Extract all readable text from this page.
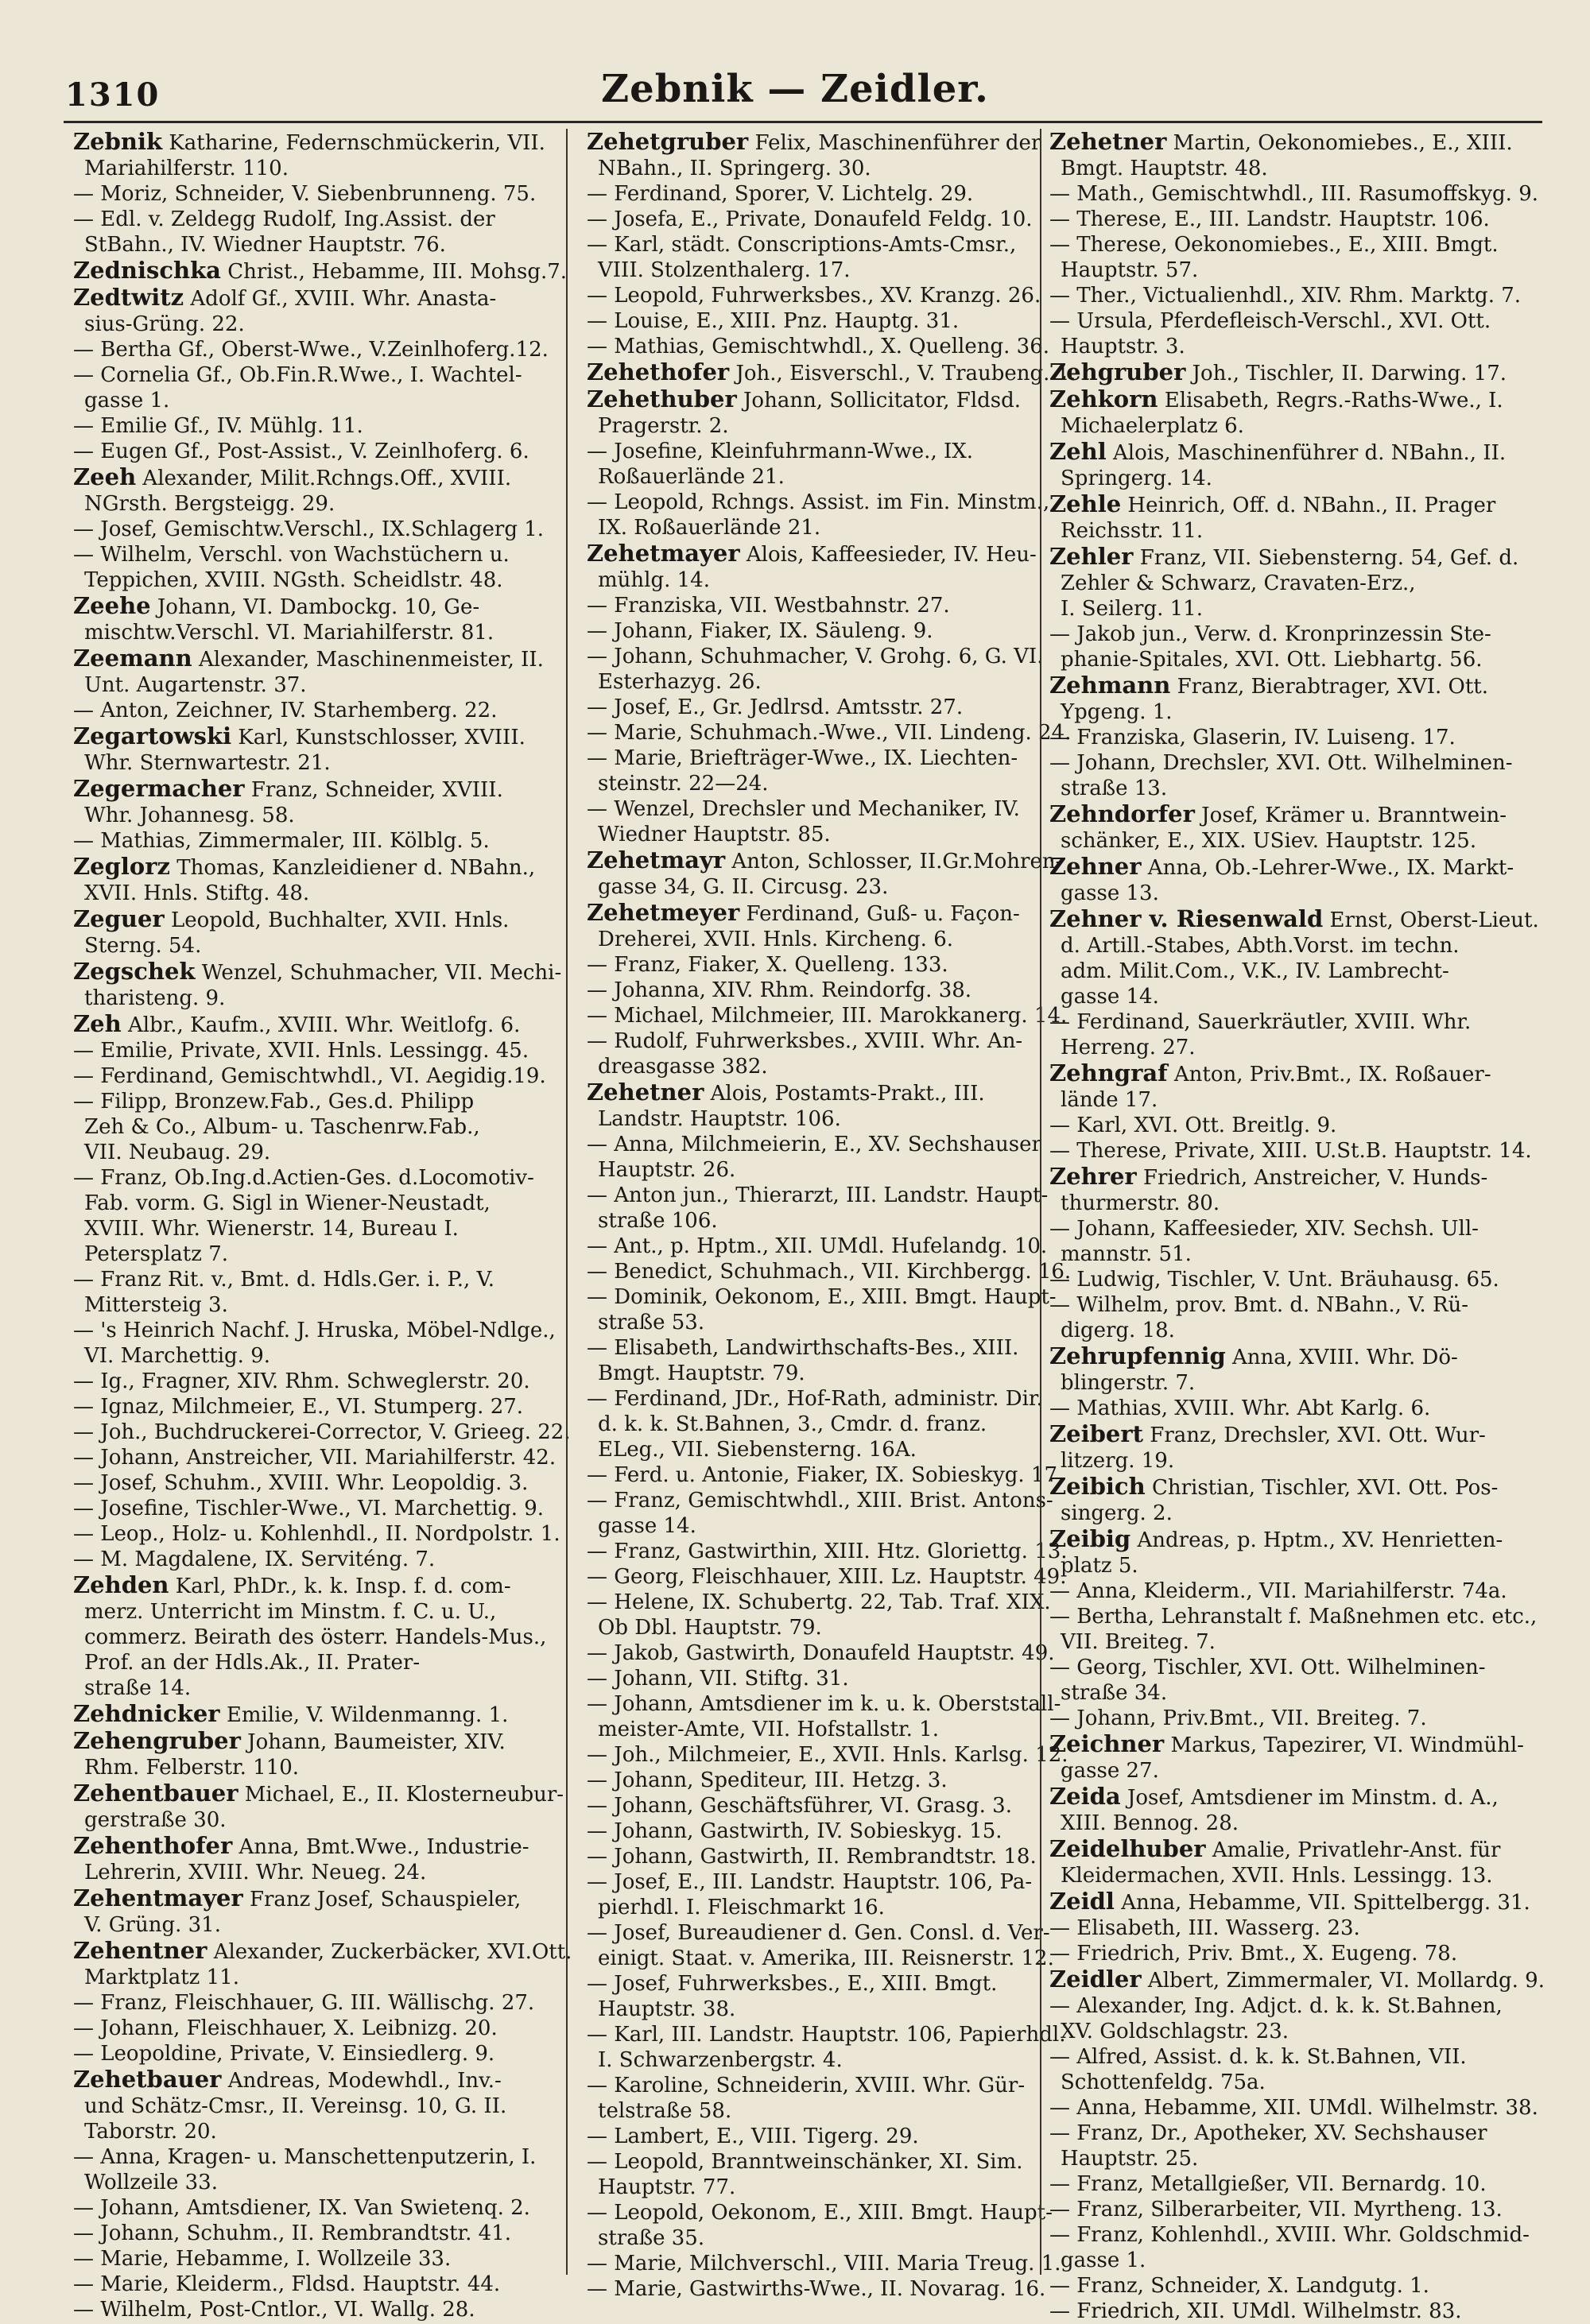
1310	Zebnik — Zeidler.
Zebnik Katharine, Federnschmückerin, VII.
Mariahilferstr. 110.
— Moriz, Schneider, V. Siebenbrunneng. 75.
— Edl. v. Zeldegg Rudolf, Ing.Assist. der
StBahn., IV. Wiedner Hauptstr. 76.
Zednischka Christ., Hebamme, III. Mohsg.7.
Zedtwitz Adolf Gf., XVIII. Whr. Anasta-
sius-Grüng. 22.
— Bertha Gf., Oberst-Wwe., V.Zeinlhoferg.12.
— Cornelia Gf., Ob.Fin.R.Wwe., I. Wachtel-
gasse 1.
— Emilie Gf., IV. Mühlg. 11.
— Eugen Gf., Post-Assist., V. Zeinlhoferg. 6.
Zeeh Alexander, Milit.Rchngs.Off., XVIII.
NGrsth. Bergsteigg. 29.
— Josef, Gemischtw.Verschl., IX.Schlagerg 1.
— Wilhelm, Verschl. von Wachstüchern u.
Teppichen, XVIII. NGsth. Scheidlstr. 48.
Zeehe Johann, VI. Dambockg. 10, Ge-
mischtw.Verschl. VI. Mariahilferstr. 81.
Zeemann Alexander, Maschinenmeister, II.
Unt. Augartenstr. 37.
— Anton, Zeichner, IV. Starhemberg. 22.
Zegartowski Karl, Kunstschlosser, XVIII.
Whr. Sternwartestr. 21.
Zegermacher Franz, Schneider, XVIII.
Whr. Johannesg. 58.
— Mathias, Zimmermaler, III. Kölblg. 5.
Zeglorz Thomas, Kanzleidiener d. NBahn.,
XVII. Hnls. Stiftg. 48.
Zeguer Leopold, Buchhalter, XVII. Hnls.
Sterng. 54.
Zegschek Wenzel, Schuhmacher, VII. Mechi-
tharisteng. 9.
Zeh Albr., Kaufm., XVIII. Whr. Weitlofg. 6.
— Emilie, Private, XVII. Hnls. Lessingg. 45.
— Ferdinand, Gemischtwhdl., VI. Aegidig.19.
— Filipp, Bronzew.Fab., Ges.d. Philipp
Zeh & Co., Album- u. Taschenrw.Fab.,
VII. Neubaug. 29.
— Franz, Ob.Ing.d.Actien-Ges. d.Locomotiv-
Fab. vorm. G. Sigl in Wiener-Neustadt,
XVIII. Whr. Wienerstr. 14, Bureau I.
Petersplatz 7.
— Franz Rit. v., Bmt. d. Hdls.Ger. i. P., V.
Mittersteig 3.
— 's Heinrich Nachf. J. Hruska, Möbel-Ndlge.,
VI. Marchettig. 9.
— Ig., Fragner, XIV. Rhm. Schweglerstr. 20.
— Ignaz, Milchmeier, E., VI. Stumperg. 27.
— Joh., Buchdruckerei-Corrector, V. Grieeg. 22.
— Johann, Anstreicher, VII. Mariahilferstr. 42.
— Josef, Schuhm., XVIII. Whr. Leopoldig. 3.
— Josefine, Tischler-Wwe., VI. Marchettig. 9.
— Leop., Holz- u. Kohlenhdl., II. Nordpolstr. 1.
— M. Magdalene, IX. Serviténg. 7.
Zehden Karl, PhDr., k. k. Insp. f. d. com-
merz. Unterricht im Minstm. f. C. u. U.,
commerz. Beirath des österr. Handels-Mus.,
Prof. an der Hdls.Ak., II. Prater-
straße 14.
Zehdnicker Emilie, V. Wildenmanng. 1.
Zehengruber Johann, Baumeister, XIV.
Rhm. Felberstr. 110.
Zehentbauer Michael, E., II. Klosterneubur-
gerstraße 30.
Zehenthofer Anna, Bmt.Wwe., Industrie-
Lehrerin, XVIII. Whr. Neueg. 24.
Zehentmayer Franz Josef, Schauspieler,
V. Grüng. 31.
Zehentner Alexander, Zuckerbäcker, XVI.Ott.
Marktplatz 11.
— Franz, Fleischhauer, G. III. Wällischg. 27.
— Johann, Fleischhauer, X. Leibnizg. 20.
— Leopoldine, Private, V. Einsiedlerg. 9.
Zehetbauer Andreas, Modewhdl., Inv.-
und Schätz-Cmsr., II. Vereinsg. 10, G. II.
Taborstr. 20.
— Anna, Kragen- u. Manschettenputzerin, I.
Wollzeile 33.
— Johann, Amtsdiener, IX. Van Swietenq. 2.
— Johann, Schuhm., II. Rembrandtstr. 41.
— Marie, Hebamme, I. Wollzeile 33.
— Marie, Kleiderm., Fldsd. Hauptstr. 44.
— Wilhelm, Post-Cntlor., VI. Wallg. 28.
Zehetgruber Felix, Maschinenführer der
NBahn., II. Springerg. 30.
— Ferdinand, Sporer, V. Lichtelg. 29.
— Josefa, E., Private, Donaufeld Feldg. 10.
— Karl, städt. Conscriptions-Amts-Cmsr.,
VIII. Stolzenthalerg. 17.
— Leopold, Fuhrwerksbes., XV. Kranzg. 26.
— Louise, E., XIII. Pnz. Hauptg. 31.
— Mathias, Gemischtwhdl., X. Quelleng. 36.
Zehethofer Joh., Eisverschl., V. Traubeng. 1.
Zehethuber Johann, Sollicitator, Fldsd.
Pragerstr. 2.
— Josefine, Kleinfuhrmann-Wwe., IX.
Roßauerlände 21.
— Leopold, Rchngs. Assist. im Fin. Minstm.,
IX. Roßauerlände 21.
Zehetmayer Alois, Kaffeesieder, IV. Heu-
mühlg. 14.
— Franziska, VII. Westbahnstr. 27.
— Johann, Fiaker, IX. Säuleng. 9.
— Johann, Schuhmacher, V. Grohg. 6, G. VI.
Esterhazyg. 26.
— Josef, E., Gr. Jedlrsd. Amtsstr. 27.
— Marie, Schuhmach.-Wwe., VII. Lindeng. 24.
— Marie, Briefträger-Wwe., IX. Liechten-
steinstr. 22—24.
— Wenzel, Drechsler und Mechaniker, IV.
Wiedner Hauptstr. 85.
Zehetmayr Anton, Schlosser, II.Gr.Mohren-
gasse 34, G. II. Circusg. 23.
Zehetmeyer Ferdinand, Guß- u. Façon-
Dreherei, XVII. Hnls. Kircheng. 6.
— Franz, Fiaker, X. Quelleng. 133.
— Johanna, XIV. Rhm. Reindorfg. 38.
— Michael, Milchmeier, III. Marokkanerg. 14.
— Rudolf, Fuhrwerksbes., XVIII. Whr. An-
dreasgasse 382.
Zehetner Alois, Postamts-Prakt., III.
Landstr. Hauptstr. 106.
— Anna, Milchmeierin, E., XV. Sechshauser
Hauptstr. 26.
— Anton jun., Thierarzt, III. Landstr. Haupt-
straße 106.
— Ant., p. Hptm., XII. UMdl. Hufelandg. 10.
— Benedict, Schuhmach., VII. Kirchbergg. 16.
— Dominik, Oekonom, E., XIII. Bmgt. Haupt-
straße 53.
— Elisabeth, Landwirthschafts-Bes., XIII.
Bmgt. Hauptstr. 79.
— Ferdinand, JDr., Hof-Rath, administr. Dir.
d. k. k. St.Bahnen, 3., Cmdr. d. franz.
ELeg., VII. Siebensterng. 16A.
— Ferd. u. Antonie, Fiaker, IX. Sobieskyg. 17.
— Franz, Gemischtwhdl., XIII. Brist. Antons-
gasse 14.
— Franz, Gastwirthin, XIII. Htz. Gloriettg. 13.
— Georg, Fleischhauer, XIII. Lz. Hauptstr. 49.
— Helene, IX. Schubertg. 22, Tab. Traf. XIX.
Ob Dbl. Hauptstr. 79.
— Jakob, Gastwirth, Donaufeld Hauptstr. 49.
— Johann, VII. Stiftg. 31.
— Johann, Amtsdiener im k. u. k. Oberststall-
meister-Amte, VII. Hofstallstr. 1.
— Joh., Milchmeier, E., XVII. Hnls. Karlsg. 12.
— Johann, Spediteur, III. Hetzg. 3.
— Johann, Geschäftsführer, VI. Grasg. 3.
— Johann, Gastwirth, IV. Sobieskyg. 15.
— Johann, Gastwirth, II. Rembrandtstr. 18.
— Josef, E., III. Landstr. Hauptstr. 106, Pa-
pierhdl. I. Fleischmarkt 16.
— Josef, Bureaudiener d. Gen. Consl. d. Ver-
einigt. Staat. v. Amerika, III. Reisnerstr. 12.
— Josef, Fuhrwerksbes., E., XIII. Bmgt.
Hauptstr. 38.
— Karl, III. Landstr. Hauptstr. 106, Papierhdl.
I. Schwarzenbergstr. 4.
— Karoline, Schneiderin, XVIII. Whr. Gür-
telstraße 58.
— Lambert, E., VIII. Tigerg. 29.
— Leopold, Branntweinschänker, XI. Sim.
Hauptstr. 77.
— Leopold, Oekonom, E., XIII. Bmgt. Haupt-
straße 35.
— Marie, Milchverschl., VIII. Maria Treug. 1.
— Marie, Gastwirths-Wwe., II. Novarag. 16.
Zehetner Martin, Oekonomiebes., E., XIII.
Bmgt. Hauptstr. 48.
— Math., Gemischtwhdl., III. Rasumoffskyg. 9.
— Therese, E., III. Landstr. Hauptstr. 106.
— Therese, Oekonomiebes., E., XIII. Bmgt.
Hauptstr. 57.
— Ther., Victualienhdl., XIV. Rhm. Marktg. 7.
— Ursula, Pferdefleisch-Verschl., XVI. Ott.
Hauptstr. 3.
Zehgruber Joh., Tischler, II. Darwing. 17.
Zehkorn Elisabeth, Regrs.-Raths-Wwe., I.
Michaelerplatz 6.
Zehl Alois, Maschinenführer d. NBahn., II.
Springerg. 14.
Zehle Heinrich, Off. d. NBahn., II. Prager
Reichsstr. 11.
Zehler Franz, VII. Siebensterng. 54, Gef. d.
Zehler & Schwarz, Cravaten-Erz.,
I. Seilerg. 11.
— Jakob jun., Verw. d. Kronprinzessin Ste-
phanie-Spitales, XVI. Ott. Liebhartg. 56.
Zehmann Franz, Bierabtrager, XVI. Ott.
Ypgeng. 1.
— Franziska, Glaserin, IV. Luiseng. 17.
— Johann, Drechsler, XVI. Ott. Wilhelminen-
straße 13.
Zehndorfer Josef, Krämer u. Branntwein-
schänker, E., XIX. USiev. Hauptstr. 125.
Zehner Anna, Ob.-Lehrer-Wwe., IX. Markt-
gasse 13.
Zehner v. Riesenwald Ernst, Oberst-Lieut.
d. Artill.-Stabes, Abth.Vorst. im techn.
adm. Milit.Com., V.K., IV. Lambrecht-
gasse 14.
— Ferdinand, Sauerkräutler, XVIII. Whr.
Herreng. 27.
Zehngraf Anton, Priv.Bmt., IX. Roßauer-
lände 17.
— Karl, XVI. Ott. Breitlg. 9.
— Therese, Private, XIII. U.St.B. Hauptstr. 14.
Zehrer Friedrich, Anstreicher, V. Hunds-
thurmerstr. 80.
— Johann, Kaffeesieder, XIV. Sechsh. Ull-
mannstr. 51.
— Ludwig, Tischler, V. Unt. Bräuhausg. 65.
— Wilhelm, prov. Bmt. d. NBahn., V. Rü-
digerg. 18.
Zehrupfennig Anna, XVIII. Whr. Dö-
blingerstr. 7.
— Mathias, XVIII. Whr. Abt Karlg. 6.
Zeibert Franz, Drechsler, XVI. Ott. Wur-
litzerg. 19.
Zeibich Christian, Tischler, XVI. Ott. Pos-
singerg. 2.
Zeibig Andreas, p. Hptm., XV. Henrietten-
platz 5.
— Anna, Kleiderm., VII. Mariahilferstr. 74a.
— Bertha, Lehranstalt f. Maßnehmen etc. etc.,
VII. Breiteg. 7.
— Georg, Tischler, XVI. Ott. Wilhelminen-
straße 34.
— Johann, Priv.Bmt., VII. Breiteg. 7.
Zeichner Markus, Tapezirer, VI. Windmühl-
gasse 27.
Zeida Josef, Amtsdiener im Minstm. d. A.,
XIII. Bennog. 28.
Zeidelhuber Amalie, Privatlehr-Anst. für
Kleidermachen, XVII. Hnls. Lessingg. 13.
Zeidl Anna, Hebamme, VII. Spittelbergg. 31.
— Elisabeth, III. Wasserg. 23.
— Friedrich, Priv. Bmt., X. Eugeng. 78.
Zeidler Albert, Zimmermaler, VI. Mollardg. 9.
— Alexander, Ing. Adjct. d. k. k. St.Bahnen,
XV. Goldschlagstr. 23.
— Alfred, Assist. d. k. k. St.Bahnen, VII.
Schottenfeldg. 75a.
— Anna, Hebamme, XII. UMdl. Wilhelmstr. 38.
— Franz, Dr., Apotheker, XV. Sechshauser
Hauptstr. 25.
— Franz, Metallgießer, VII. Bernardg. 10.
— Franz, Silberarbeiter, VII. Myrtheng. 13.
— Franz, Kohlenhdl., XVIII. Whr. Goldschmid-
gasse 1.
— Franz, Schneider, X. Landgutg. 1.
— Friedrich, XII. UMdl. Wilhelmstr. 83.
